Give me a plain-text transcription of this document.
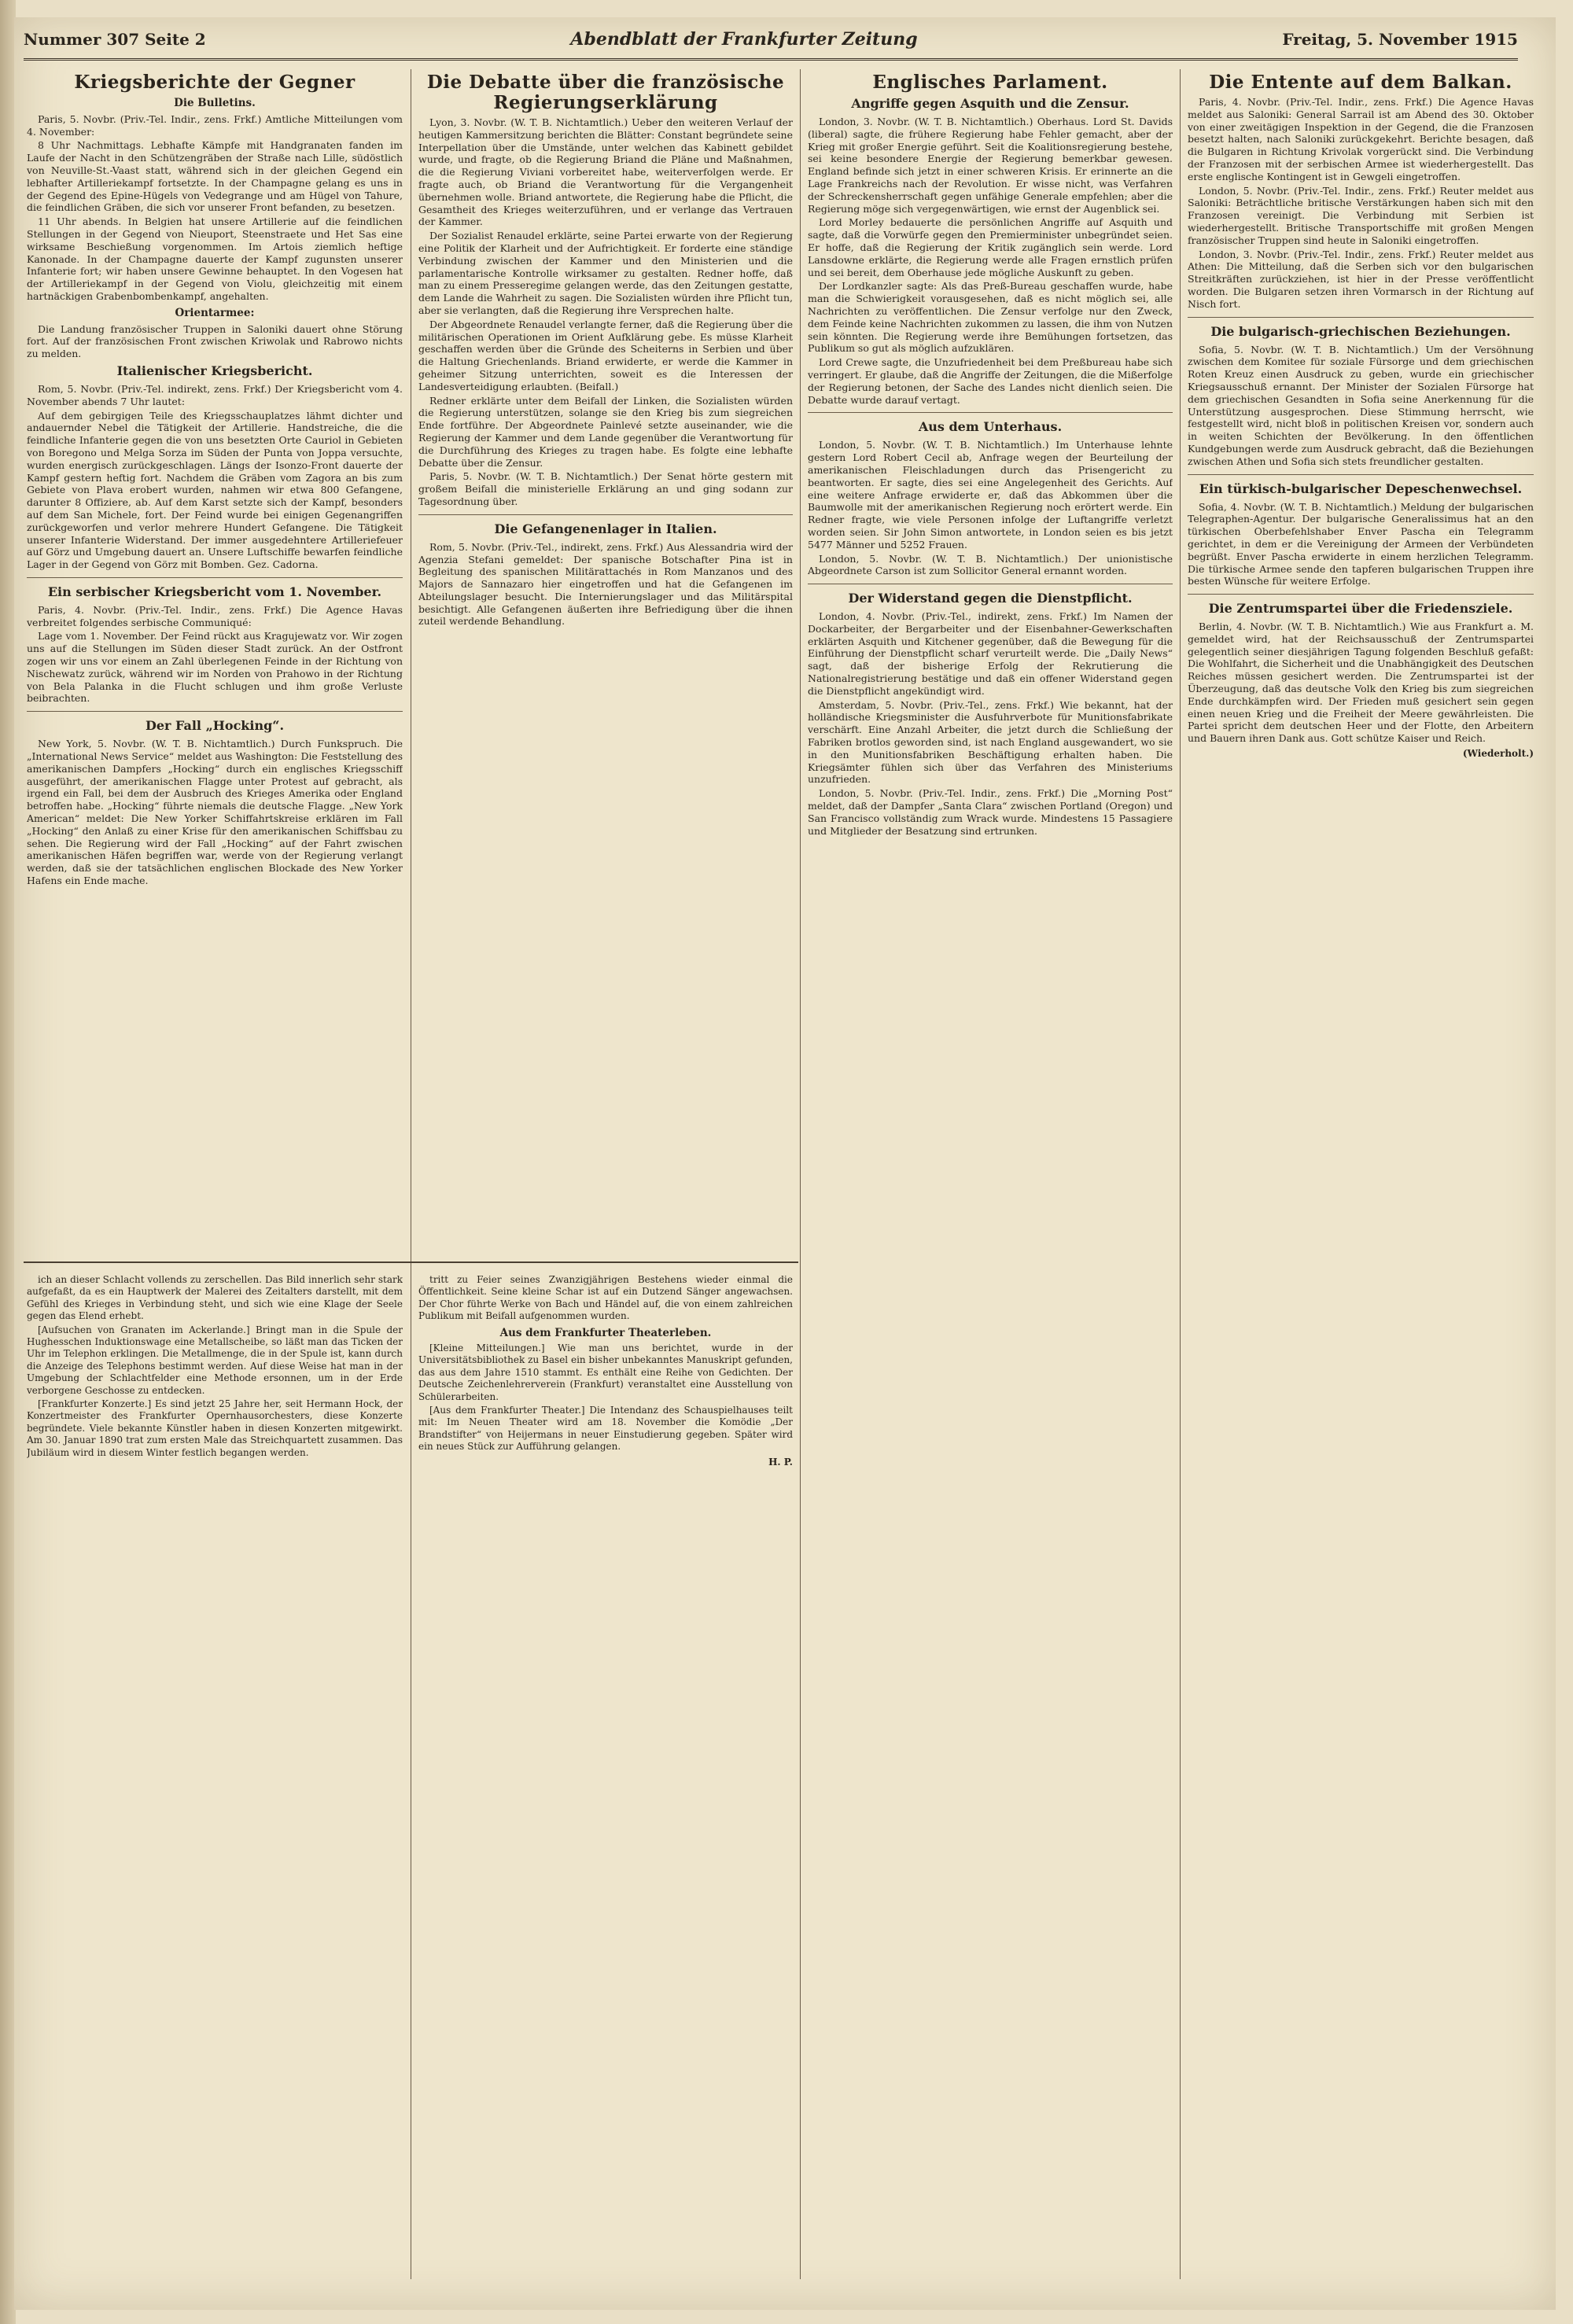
Nummer 307 Seite 2	Abendblatt der Frankfurter Zeitung	Freitag, 5. November 1915
Kriegsberichte der Gegner
Die Bulletins.

Paris, 5. Novbr. (Priv.-Tel. Indir., zens. Frkf.) Amtliche Mitteilungen vom 4. November:

8 Uhr Nachmittags. Lebhafte Kämpfe mit Handgranaten fanden im Laufe der Nacht in den Schützengräben der Straße nach Lille, südöstlich von Neuville-St.-Vaast statt, während sich in der gleichen Gegend ein lebhafter Artilleriekampf fortsetzte. In der Champagne gelang es uns in der Gegend des Epine-Hügels von Vedegrange und am Hügel von Tahure, die feindlichen Gräben, die sich vor unserer Front befanden, zu besetzen.

11 Uhr abends. In Belgien hat unsere Artillerie auf die feindlichen Stellungen in der Gegend von Nieuport, Steenstraete und Het Sas eine wirksame Beschießung vorgenommen. Im Artois ziemlich heftige Kanonade. In der Champagne dauerte der Kampf zugunsten unserer Infanterie fort; wir haben unsere Gewinne behauptet. In den Vogesen hat der Artilleriekampf in der Gegend von Violu, gleichzeitig mit einem hartnäckigen Grabenbombenkampf, angehalten.

Orientarmee:

Die Landung französischer Truppen in Saloniki dauert ohne Störung fort. Auf der französischen Front zwischen Kriwolak und Rabrowo nichts zu melden.

Italienischer Kriegsbericht.

Rom, 5. Novbr. (Priv.-Tel. indirekt, zens. Frkf.) Der Kriegsbericht vom 4. November abends 7 Uhr lautet:

Auf dem gebirgigen Teile des Kriegsschauplatzes lähmt dichter und andauernder Nebel die Tätigkeit der Artillerie. Handstreiche, die die feindliche Infanterie gegen die von uns besetzten Orte Cauriol in Gebieten von Boregono und Melga Sorza im Süden der Punta von Joppa versuchte, wurden energisch zurückgeschlagen. Längs der Isonzo-Front dauerte der Kampf gestern heftig fort. Nachdem die Gräben vom Zagora an bis zum Gebiete von Plava erobert wurden, nahmen wir etwa 800 Gefangene, darunter 8 Offiziere, ab. Auf dem Karst setzte sich der Kampf, besonders auf dem San Michele, fort. Der Feind wurde bei einigen Gegenangriffen zurückgeworfen und verlor mehrere Hundert Gefangene. Die Tätigkeit unserer Infanterie Widerstand. Der immer ausgedehntere Artilleriefeuer auf Görz und Umgebung dauert an. Unsere Luftschiffe bewarfen feindliche Lager in der Gegend von Görz mit Bomben. Gez. Cadorna.

Ein serbischer Kriegsbericht vom 1. November.

Paris, 4. Novbr. (Priv.-Tel. Indir., zens. Frkf.) Die Agence Havas verbreitet folgendes serbische Communiqué:

Lage vom 1. November. Der Feind rückt aus Kragujewatz vor. Wir zogen uns auf die Stellungen im Süden dieser Stadt zurück. An der Ostfront zogen wir uns vor einem an Zahl überlegenen Feinde in der Richtung von Nischewatz zurück, während wir im Norden von Prahowo in der Richtung von Bela Palanka in die Flucht schlugen und ihm große Verluste beibrachten.

Der Fall „Hocking“.

New York, 5. Novbr. (W. T. B. Nichtamtlich.) Durch Funkspruch. Die „International News Service“ meldet aus Washington: Die Feststellung des amerikanischen Dampfers „Hocking“ durch ein englisches Kriegsschiff ausgeführt, der amerikanischen Flagge unter Protest auf gebracht, als irgend ein Fall, bei dem der Ausbruch des Krieges Amerika oder England betroffen habe. „Hocking“ führte niemals die deutsche Flagge. „New York American“ meldet: Die New Yorker Schiffahrtskreise erklären im Fall „Hocking“ den Anlaß zu einer Krise für den amerikanischen Schiffsbau zu sehen. Die Regierung wird der Fall „Hocking“ auf der Fahrt zwischen amerikanischen Häfen begriffen war, werde von der Regierung verlangt werden, daß sie der tatsächlichen englischen Blockade des New Yorker Hafens ein Ende mache.

Die Debatte über die französische Regierungserklärung

Lyon, 3. Novbr. (W. T. B. Nichtamtlich.) Ueber den weiteren Verlauf der heutigen Kammersitzung berichten die Blätter: Constant begründete seine Interpellation über die Umstände, unter welchen das Kabinett gebildet wurde, und fragte, ob die Regierung Briand die Pläne und Maßnahmen, die die Regierung Viviani vorbereitet habe, weiterverfolgen werde. Er fragte auch, ob Briand die Verantwortung für die Vergangenheit übernehmen wolle. Briand antwortete, die Regierung habe die Pflicht, die Gesamtheit des Krieges weiterzuführen, und er verlange das Vertrauen der Kammer.

Der Sozialist Renaudel erklärte, seine Partei erwarte von der Regierung eine Politik der Klarheit und der Aufrichtigkeit. Er forderte eine ständige Verbindung zwischen der Kammer und den Ministerien und die parlamentarische Kontrolle wirksamer zu gestalten. Redner hoffe, daß man zu einem Presseregime gelangen werde, das den Zeitungen gestatte, dem Lande die Wahrheit zu sagen. Die Sozialisten würden ihre Pflicht tun, aber sie verlangten, daß die Regierung ihre Versprechen halte.

Der Abgeordnete Renaudel verlangte ferner, daß die Regierung über die militärischen Operationen im Orient Aufklärung gebe. Es müsse Klarheit geschaffen werden über die Gründe des Scheiterns in Serbien und über die Haltung Griechenlands. Briand erwiderte, er werde die Kammer in geheimer Sitzung unterrichten, soweit es die Interessen der Landesverteidigung erlaubten. (Beifall.)

Redner erklärte unter dem Beifall der Linken, die Sozialisten würden die Regierung unterstützen, solange sie den Krieg bis zum siegreichen Ende fortführe. Der Abgeordnete Painlevé setzte auseinander, wie die Regierung der Kammer und dem Lande gegenüber die Verantwortung für die Durchführung des Krieges zu tragen habe. Es folgte eine lebhafte Debatte über die Zensur.

Paris, 5. Novbr. (W. T. B. Nichtamtlich.) Der Senat hörte gestern mit großem Beifall die ministerielle Erklärung an und ging sodann zur Tagesordnung über.

Die Gefangenenlager in Italien.

Rom, 5. Novbr. (Priv.-Tel., indirekt, zens. Frkf.) Aus Alessandria wird der Agenzia Stefani gemeldet: Der spanische Botschafter Pina ist in Begleitung des spanischen Militärattachés in Rom Manzanos und des Majors de Sannazaro hier eingetroffen und hat die Gefangenen im Abteilungslager besucht. Die Internierungslager und das Militärspital besichtigt. Alle Gefangenen äußerten ihre Befriedigung über die ihnen zuteil werdende Behandlung.

Englisches Parlament.
Angriffe gegen Asquith und die Zensur.

London, 3. Novbr. (W. T. B. Nichtamtlich.) Oberhaus. Lord St. Davids (liberal) sagte, die frühere Regierung habe Fehler gemacht, aber der Krieg mit großer Energie geführt. Seit die Koalitionsregierung bestehe, sei keine besondere Energie der Regierung bemerkbar gewesen. England befinde sich jetzt in einer schweren Krisis. Er erinnerte an die Lage Frankreichs nach der Revolution. Er wisse nicht, was Verfahren der Schreckensherrschaft gegen unfähige Generale empfehlen; aber die Regierung möge sich vergegenwärtigen, wie ernst der Augenblick sei.

Lord Morley bedauerte die persönlichen Angriffe auf Asquith und sagte, daß die Vorwürfe gegen den Premierminister unbegründet seien. Er hoffe, daß die Regierung der Kritik zugänglich sein werde. Lord Lansdowne erklärte, die Regierung werde alle Fragen ernstlich prüfen und sei bereit, dem Oberhause jede mögliche Auskunft zu geben.

Der Lordkanzler sagte: Als das Preß-Bureau geschaffen wurde, habe man die Schwierigkeit vorausgesehen, daß es nicht möglich sei, alle Nachrichten zu veröffentlichen. Die Zensur verfolge nur den Zweck, dem Feinde keine Nachrichten zukommen zu lassen, die ihm von Nutzen sein könnten. Die Regierung werde ihre Bemühungen fortsetzen, das Publikum so gut als möglich aufzuklären.

Lord Crewe sagte, die Unzufriedenheit bei dem Preßbureau habe sich verringert. Er glaube, daß die Angriffe der Zeitungen, die die Mißerfolge der Regierung betonen, der Sache des Landes nicht dienlich seien. Die Debatte wurde darauf vertagt.

Aus dem Unterhaus.

London, 5. Novbr. (W. T. B. Nichtamtlich.) Im Unterhause lehnte gestern Lord Robert Cecil ab, Anfrage wegen der Beurteilung der amerikanischen Fleischladungen durch das Prisengericht zu beantworten. Er sagte, dies sei eine Angelegenheit des Gerichts. Auf eine weitere Anfrage erwiderte er, daß das Abkommen über die Baumwolle mit der amerikanischen Regierung noch erörtert werde. Ein Redner fragte, wie viele Personen infolge der Luftangriffe verletzt worden seien. Sir John Simon antwortete, in London seien es bis jetzt 5477 Männer und 5252 Frauen.

London, 5. Novbr. (W. T. B. Nichtamtlich.) Der unionistische Abgeordnete Carson ist zum Sollicitor General ernannt worden.

Der Widerstand gegen die Dienstpflicht.

London, 4. Novbr. (Priv.-Tel., indirekt, zens. Frkf.) Im Namen der Dockarbeiter, der Bergarbeiter und der Eisenbahner-Gewerkschaften erklärten Asquith und Kitchener gegenüber, daß die Bewegung für die Einführung der Dienstpflicht scharf verurteilt werde. Die „Daily News“ sagt, daß der bisherige Erfolg der Rekrutierung die Nationalregistrierung bestätige und daß ein offener Widerstand gegen die Dienstpflicht angekündigt wird.

Amsterdam, 5. Novbr. (Priv.-Tel., zens. Frkf.) Wie bekannt, hat der holländische Kriegsminister die Ausfuhrverbote für Munitionsfabrikate verschärft. Eine Anzahl Arbeiter, die jetzt durch die Schließung der Fabriken brotlos geworden sind, ist nach England ausgewandert, wo sie in den Munitionsfabriken Beschäftigung erhalten haben. Die Kriegsämter fühlen sich über das Verfahren des Ministeriums unzufrieden.

London, 5. Novbr. (Priv.-Tel. Indir., zens. Frkf.) Die „Morning Post“ meldet, daß der Dampfer „Santa Clara“ zwischen Portland (Oregon) und San Francisco vollständig zum Wrack wurde. Mindestens 15 Passagiere und Mitglieder der Besatzung sind ertrunken.

Die Entente auf dem Balkan.

Paris, 4. Novbr. (Priv.-Tel. Indir., zens. Frkf.) Die Agence Havas meldet aus Saloniki: General Sarrail ist am Abend des 30. Oktober von einer zweitägigen Inspektion in der Gegend, die die Franzosen besetzt halten, nach Saloniki zurückgekehrt. Berichte besagen, daß die Bulgaren in Richtung Krivolak vorgerückt sind. Die Verbindung der Franzosen mit der serbischen Armee ist wiederhergestellt. Das erste englische Kontingent ist in Gewgeli eingetroffen.

London, 5. Novbr. (Priv.-Tel. Indir., zens. Frkf.) Reuter meldet aus Saloniki: Beträchtliche britische Verstärkungen haben sich mit den Franzosen vereinigt. Die Verbindung mit Serbien ist wiederhergestellt. Britische Transportschiffe mit großen Mengen französischer Truppen sind heute in Saloniki eingetroffen.

London, 3. Novbr. (Priv.-Tel. Indir., zens. Frkf.) Reuter meldet aus Athen: Die Mitteilung, daß die Serben sich vor den bulgarischen Streitkräften zurückziehen, ist hier in der Presse veröffentlicht worden. Die Bulgaren setzen ihren Vormarsch in der Richtung auf Nisch fort.

Die bulgarisch-griechischen Beziehungen.

Sofia, 5. Novbr. (W. T. B. Nichtamtlich.) Um der Versöhnung zwischen dem Komitee für soziale Fürsorge und dem griechischen Roten Kreuz einen Ausdruck zu geben, wurde ein griechischer Kriegsausschuß ernannt. Der Minister der Sozialen Fürsorge hat dem griechischen Gesandten in Sofia seine Anerkennung für die Unterstützung ausgesprochen. Diese Stimmung herrscht, wie festgestellt wird, nicht bloß in politischen Kreisen vor, sondern auch in weiten Schichten der Bevölkerung. In den öffentlichen Kundgebungen werde zum Ausdruck gebracht, daß die Beziehungen zwischen Athen und Sofia sich stets freundlicher gestalten.

Ein türkisch-bulgarischer Depeschenwechsel.

Sofia, 4. Novbr. (W. T. B. Nichtamtlich.) Meldung der bulgarischen Telegraphen-Agentur. Der bulgarische Generalissimus hat an den türkischen Oberbefehlshaber Enver Pascha ein Telegramm gerichtet, in dem er die Vereinigung der Armeen der Verbündeten begrüßt. Enver Pascha erwiderte in einem herzlichen Telegramm. Die türkische Armee sende den tapferen bulgarischen Truppen ihre besten Wünsche für weitere Erfolge.

Die Zentrumspartei über die Friedensziele.

Berlin, 4. Novbr. (W. T. B. Nichtamtlich.) Wie aus Frankfurt a. M. gemeldet wird, hat der Reichsausschuß der Zentrumspartei gelegentlich seiner diesjährigen Tagung folgenden Beschluß gefaßt: Die Wohlfahrt, die Sicherheit und die Unabhängigkeit des Deutschen Reiches müssen gesichert werden. Die Zentrumspartei ist der Überzeugung, daß das deutsche Volk den Krieg bis zum siegreichen Ende durchkämpfen wird. Der Frieden muß gesichert sein gegen einen neuen Krieg und die Freiheit der Meere gewährleisten. Die Partei spricht dem deutschen Heer und der Flotte, den Arbeitern und Bauern ihren Dank aus. Gott schütze Kaiser und Reich.

(Wiederholt.)

ich an dieser Schlacht vollends zu zerschellen. Das Bild innerlich sehr stark aufgefaßt, da es ein Hauptwerk der Malerei des Zeitalters darstellt, mit dem Gefühl des Krieges in Verbindung steht, und sich wie eine Klage der Seele gegen das Elend erhebt.

[Aufsuchen von Granaten im Ackerlande.] Bringt man in die Spule der Hughesschen Induktionswage eine Metallscheibe, so läßt man das Ticken der Uhr im Telephon erklingen. Die Metallmenge, die in der Spule ist, kann durch die Anzeige des Telephons bestimmt werden. Auf diese Weise hat man in der Umgebung der Schlachtfelder eine Methode ersonnen, um in der Erde verborgene Geschosse zu entdecken.

[Frankfurter Konzerte.] Es sind jetzt 25 Jahre her, seit Hermann Hock, der Konzertmeister des Frankfurter Opernhausorchesters, diese Konzerte begründete. Viele bekannte Künstler haben in diesen Konzerten mitgewirkt. Am 30. Januar 1890 trat zum ersten Male das Streichquartett zusammen. Das Jubiläum wird in diesem Winter festlich begangen werden.

tritt zu Feier seines Zwanzigjährigen Bestehens wieder einmal die Öffentlichkeit. Seine kleine Schar ist auf ein Dutzend Sänger angewachsen. Der Chor führte Werke von Bach und Händel auf, die von einem zahlreichen Publikum mit Beifall aufgenommen wurden.

Aus dem Frankfurter Theaterleben.

[Kleine Mitteilungen.] Wie man uns berichtet, wurde in der Universitätsbibliothek zu Basel ein bisher unbekanntes Manuskript gefunden, das aus dem Jahre 1510 stammt. Es enthält eine Reihe von Gedichten. Der Deutsche Zeichenlehrerverein (Frankfurt) veranstaltet eine Ausstellung von Schülerarbeiten.

[Aus dem Frankfurter Theater.] Die Intendanz des Schauspielhauses teilt mit: Im Neuen Theater wird am 18. November die Komödie „Der Brandstifter“ von Heijermans in neuer Einstudierung gegeben. Später wird ein neues Stück zur Aufführung gelangen.

H. P.
